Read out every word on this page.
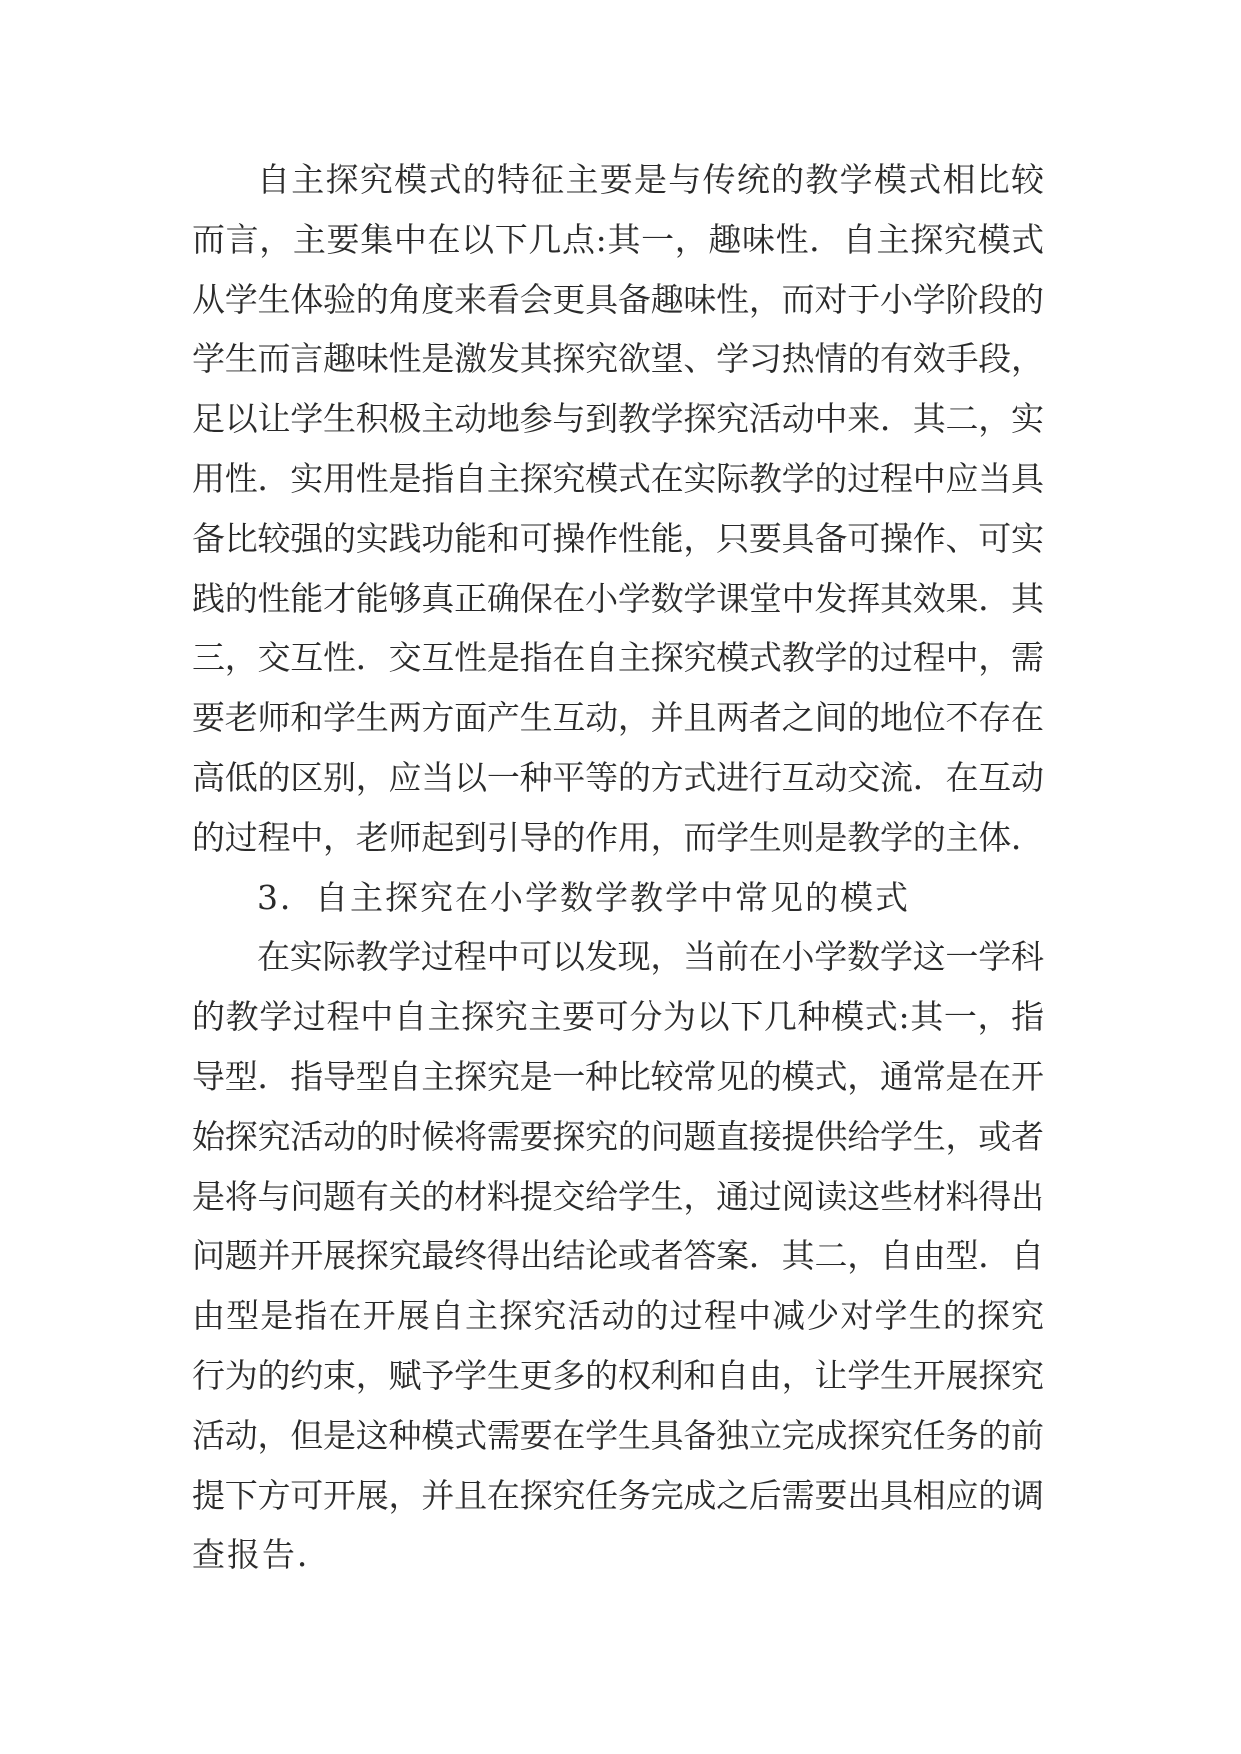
自主探究模式的特征主要是与传统的教学模式相比较
而言，主要集中在以下几点:其一，趣味性．自主探究模式
从学生体验的角度来看会更具备趣味性，而对于小学阶段的
学生而言趣味性是激发其探究欲望、学习热情的有效手段，
足以让学生积极主动地参与到教学探究活动中来．其二，实
用性．实用性是指自主探究模式在实际教学的过程中应当具
备比较强的实践功能和可操作性能，只要具备可操作、可实
践的性能才能够真正确保在小学数学课堂中发挥其效果．其
三，交互性．交互性是指在自主探究模式教学的过程中，需
要老师和学生两方面产生互动，并且两者之间的地位不存在
高低的区别，应当以一种平等的方式进行互动交流．在互动
的过程中，老师起到引导的作用，而学生则是教学的主体．
3．自主探究在小学数学教学中常见的模式
在实际教学过程中可以发现，当前在小学数学这一学科
的教学过程中自主探究主要可分为以下几种模式:其一，指
导型．指导型自主探究是一种比较常见的模式，通常是在开
始探究活动的时候将需要探究的问题直接提供给学生，或者
是将与问题有关的材料提交给学生，通过阅读这些材料得出
问题并开展探究最终得出结论或者答案．其二，自由型．自
由型是指在开展自主探究活动的过程中减少对学生的探究
行为的约束，赋予学生更多的权利和自由，让学生开展探究
活动，但是这种模式需要在学生具备独立完成探究任务的前
提下方可开展，并且在探究任务完成之后需要出具相应的调
查报告．
